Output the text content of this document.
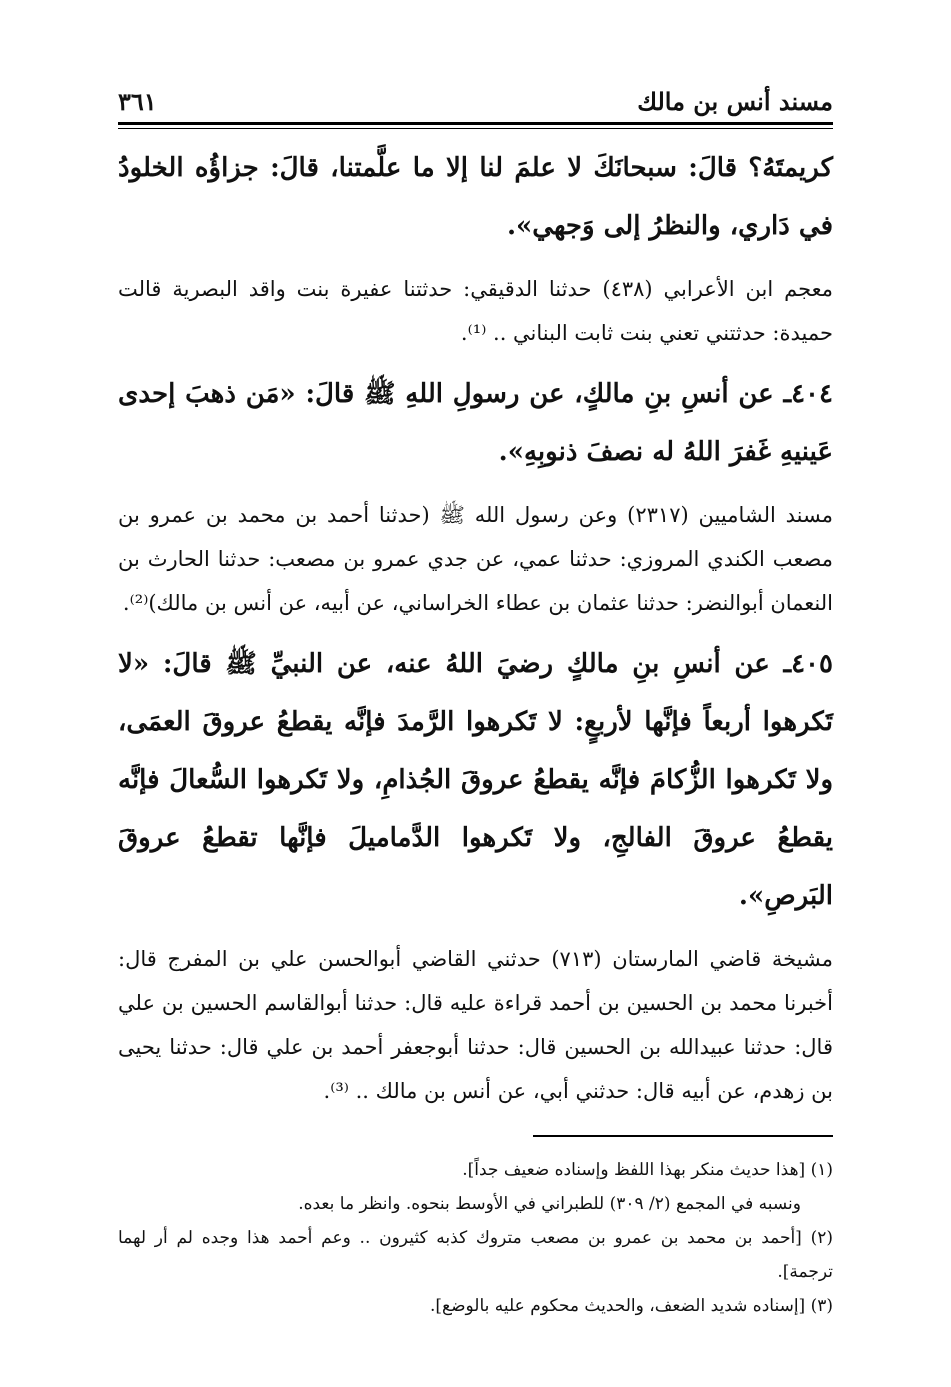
مسند أنس بن مالك
٣٦١

كريمتَهُ؟ قالَ: سبحانَكَ لا علمَ لنا إلا ما علَّمتنا، قالَ: جزاؤُه الخلودُ في دَاري، والنظرُ إلى وَجهي».

معجم ابن الأعرابي (٤٣٨) حدثنا الدقيقي: حدثتنا عفيرة بنت واقد البصرية قالت حميدة: حدثتني تعني بنت ثابت البناني .. ⁽¹⁾.

٤٠٤ـ عن أنسِ بنِ مالكٍ، عن رسولِ اللهِ ﷺ قالَ: «مَن ذهبَ إحدى عَينيهِ غَفرَ اللهُ له نصفَ ذنوبِهِ».

مسند الشاميين (٢٣١٧) وعن رسول الله ﷺ (حدثنا أحمد بن محمد بن عمرو بن مصعب الكندي المروزي: حدثنا عمي، عن جدي عمرو بن مصعب: حدثنا الحارث بن النعمان أبوالنضر: حدثنا عثمان بن عطاء الخراساني، عن أبيه، عن أنس بن مالك)⁽²⁾.

٤٠٥ـ عن أنسِ بنِ مالكٍ رضيَ اللهُ عنه، عن النبيِّ ﷺ قالَ: «لا تَكرهوا أربعاً فإنَّها لأربعٍ: لا تَكرهوا الرَّمدَ فإنَّه يقطعُ عروقَ العمَى، ولا تَكرهوا الزُّكامَ فإنَّه يقطعُ عروقَ الجُذامِ، ولا تَكرهوا السُّعالَ فإنَّه يقطعُ عروقَ الفالجِ، ولا تَكرهوا الدَّماميلَ فإنَّها تقطعُ عروقَ البَرصِ».

مشيخة قاضي المارستان (٧١٣) حدثني القاضي أبوالحسن علي بن المفرج قال: أخبرنا محمد بن الحسين بن أحمد قراءة عليه قال: حدثنا أبوالقاسم الحسين بن علي قال: حدثنا عبيدالله بن الحسين قال: حدثنا أبوجعفر أحمد بن علي قال: حدثنا يحيى بن زهدم، عن أبيه قال: حدثني أبي، عن أنس بن مالك .. ⁽³⁾.

(١) [هذا حديث منكر بهذا اللفظ وإسناده ضعيف جداً].

ونسبه في المجمع (٢/ ٣٠٩) للطبراني في الأوسط بنحوه. وانظر ما بعده.

(٢) [أحمد بن محمد بن عمرو بن مصعب متروك كذبه كثيرون .. وعم أحمد هذا وجده لم أر لهما ترجمة].

(٣) [إسناده شديد الضعف، والحديث محكوم عليه بالوضع].
